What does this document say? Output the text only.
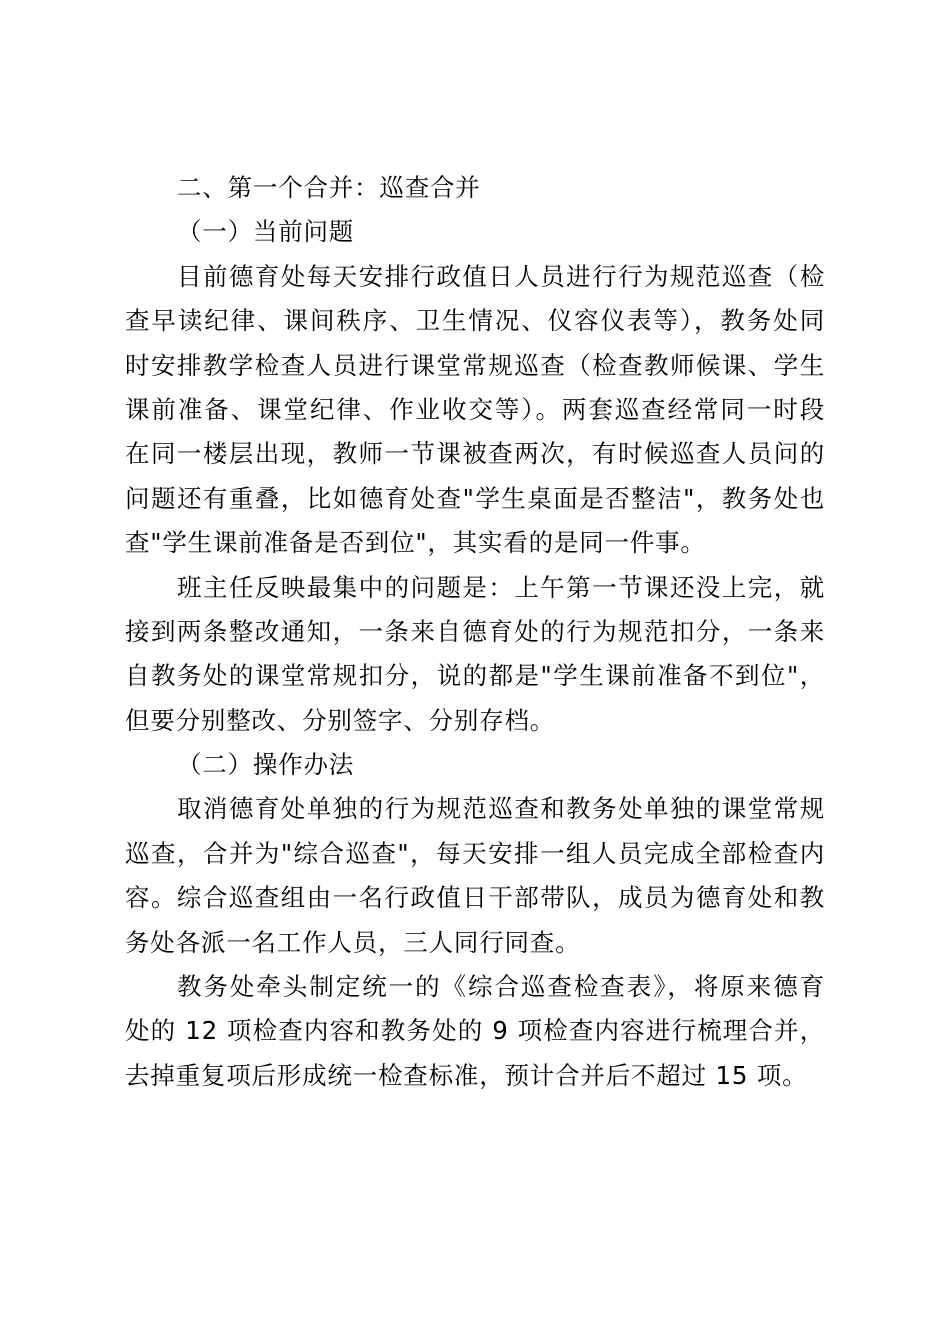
二、第一个合并：巡查合并
（一）当前问题
目前德育处每天安排行政值日人员进行行为规范巡查（检
查早读纪律、课间秩序、卫生情况、仪容仪表等），教务处同
时安排教学检查人员进行课堂常规巡查（检查教师候课、学生
课前准备、课堂纪律、作业收交等）。两套巡查经常同一时段
在同一楼层出现，教师一节课被查两次，有时候巡查人员问的
问题还有重叠，比如德育处查"学生桌面是否整洁"，教务处也
查"学生课前准备是否到位"，其实看的是同一件事。
班主任反映最集中的问题是：上午第一节课还没上完，就
接到两条整改通知，一条来自德育处的行为规范扣分，一条来
自教务处的课堂常规扣分，说的都是"学生课前准备不到位"，
但要分别整改、分别签字、分别存档。
（二）操作办法
取消德育处单独的行为规范巡查和教务处单独的课堂常规
巡查，合并为"综合巡查"，每天安排一组人员完成全部检查内
容。综合巡查组由一名行政值日干部带队，成员为德育处和教
务处各派一名工作人员，三人同行同查。
教务处牵头制定统一的《综合巡查检查表》，将原来德育
处的 12 项检查内容和教务处的 9 项检查内容进行梳理合并，
去掉重复项后形成统一检查标准，预计合并后不超过 15 项。
